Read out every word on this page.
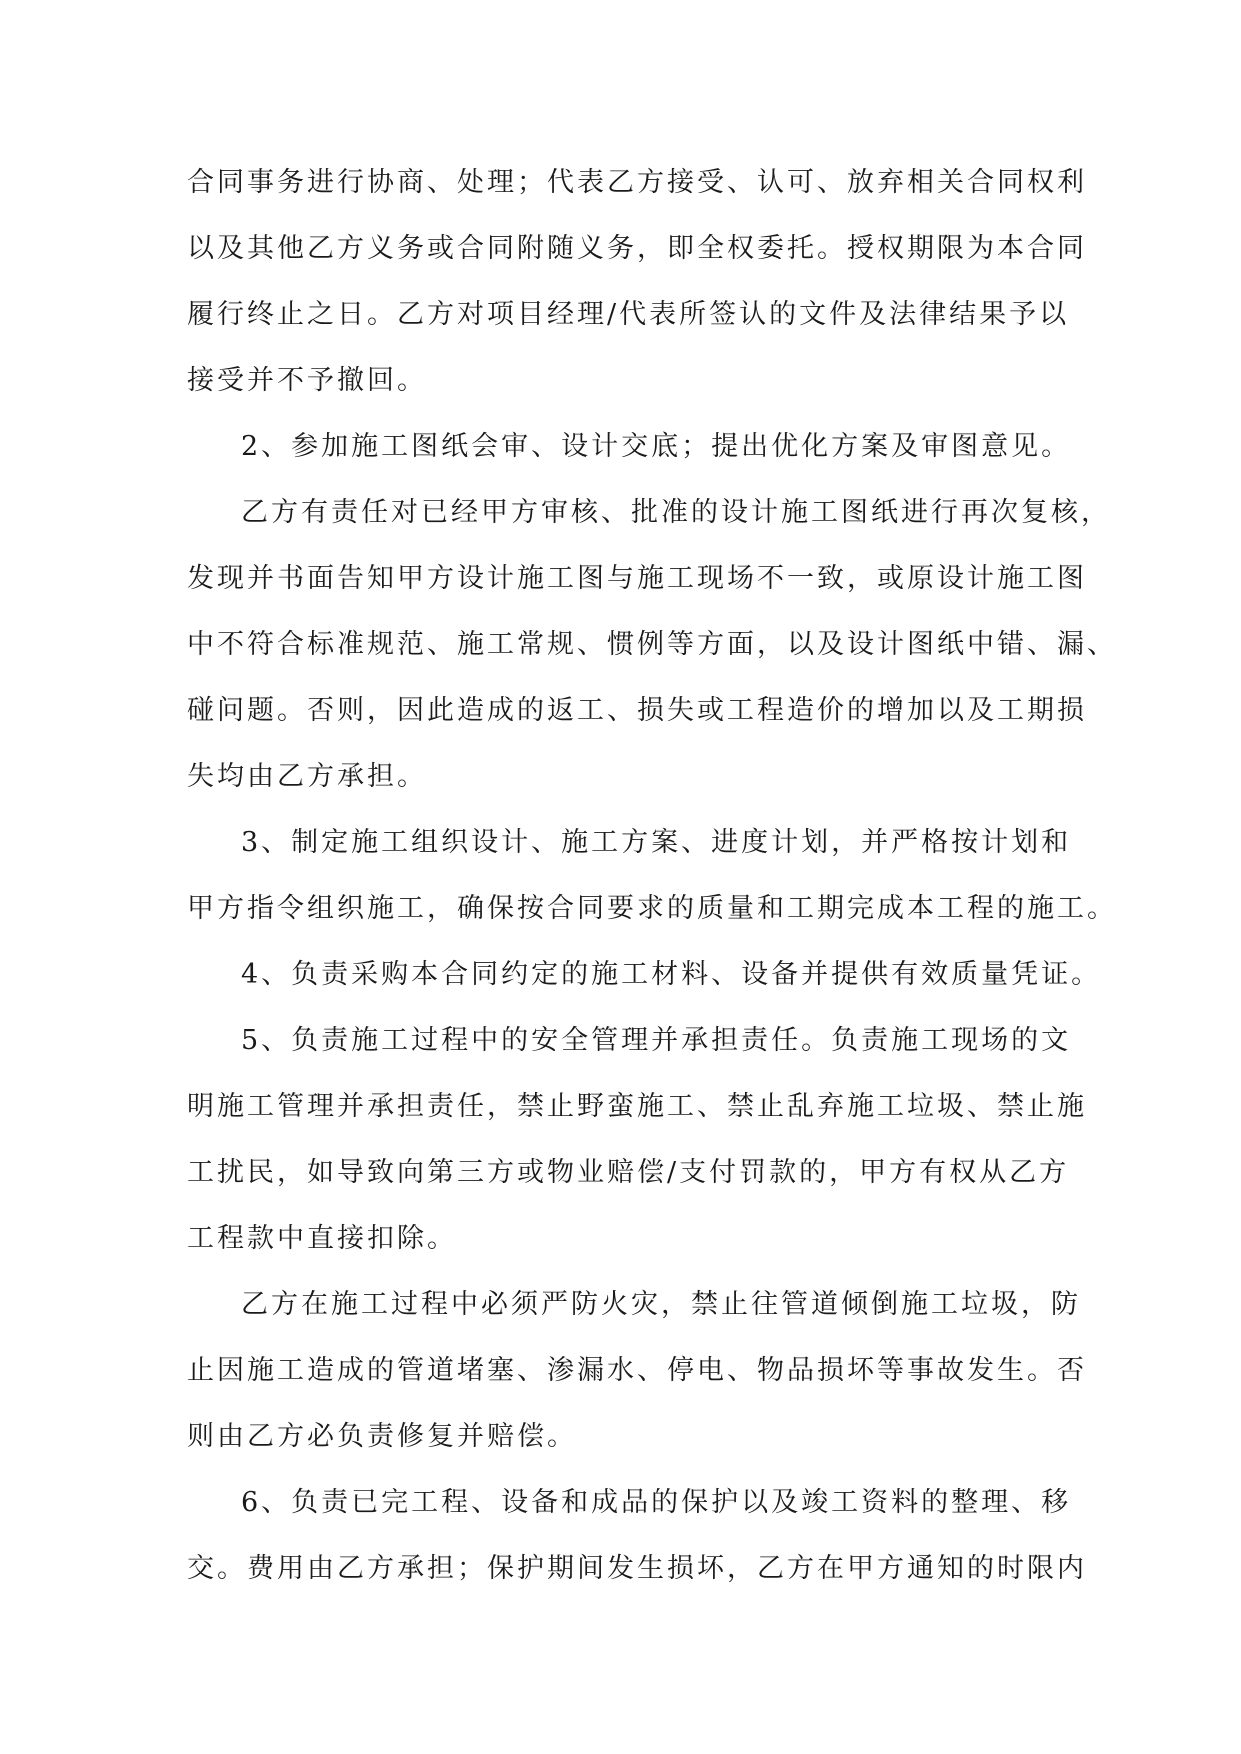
合同事务进行协商、处理；代表乙方接受、认可、放弃相关合同权利
以及其他乙方义务或合同附随义务，即全权委托。授权期限为本合同
履行终止之日。乙方对项目经理/代表所签认的文件及法律结果予以
接受并不予撤回。
2、参加施工图纸会审、设计交底；提出优化方案及审图意见。
乙方有责任对已经甲方审核、批准的设计施工图纸进行再次复核，
发现并书面告知甲方设计施工图与施工现场不一致，或原设计施工图
中不符合标准规范、施工常规、惯例等方面，以及设计图纸中错、漏、
碰问题。否则，因此造成的返工、损失或工程造价的增加以及工期损
失均由乙方承担。
3、制定施工组织设计、施工方案、进度计划，并严格按计划和
甲方指令组织施工，确保按合同要求的质量和工期完成本工程的施工。
4、负责采购本合同约定的施工材料、设备并提供有效质量凭证。
5、负责施工过程中的安全管理并承担责任。负责施工现场的文
明施工管理并承担责任，禁止野蛮施工、禁止乱弃施工垃圾、禁止施
工扰民，如导致向第三方或物业赔偿/支付罚款的，甲方有权从乙方
工程款中直接扣除。
乙方在施工过程中必须严防火灾，禁止往管道倾倒施工垃圾，防
止因施工造成的管道堵塞、渗漏水、停电、物品损坏等事故发生。否
则由乙方必负责修复并赔偿。
6、负责已完工程、设备和成品的保护以及竣工资料的整理、移
交。费用由乙方承担；保护期间发生损坏，乙方在甲方通知的时限内
